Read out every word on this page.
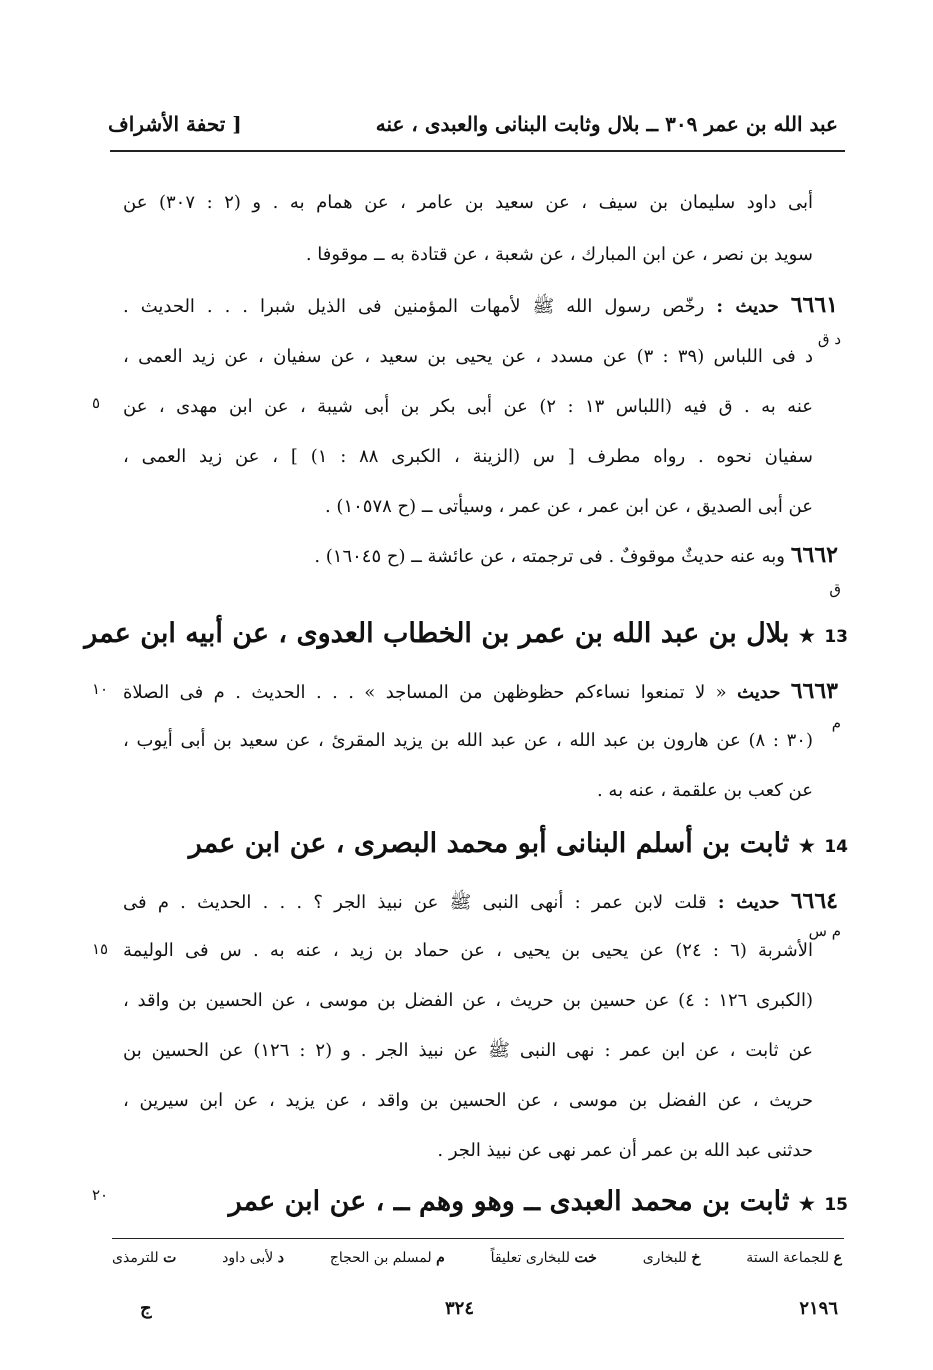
عبد الله بن عمر ٣٠٩ ــ بلال وثابت البنانى والعبدى ، عنه
[ تحفة الأشراف
أبى داود سليمان بن سيف ، عن سعيد بن عامر ، عن همام به . و (٢ : ٣٠٧) عن
سويد بن نصر ، عن ابن المبارك ، عن شعبة ، عن قتادة به ــ موقوفا .
٦٦٦١ حديث : رخّص رسول الله ﷺ لأمهات المؤمنين فى الذيل شبرا . . . الحديث .
د ق
د فى اللباس (٣٩ : ٣) عن مسدد ، عن يحيى بن سعيد ، عن سفيان ، عن زيد العمى ،
عنه به . ق فيه (اللباس ١٣ : ٢) عن أبى بكر بن أبى شيبة ، عن ابن مهدى ، عن
٥
سفيان نحوه . رواه مطرف [ س (الزينة ، الكبرى ٨٨ : ١) ] ، عن زيد العمى ،
عن أبى الصديق ، عن ابن عمر ، عن عمر ، وسيأتى ــ (ح ١٠٥٧٨) .
٦٦٦٢ وبه عنه حديثٌ موقوفٌ . فى ترجمته ، عن عائشة ــ (ح ١٦٠٤٥) .
ق
13 ★ بلال بن عبد الله بن عمر بن الخطاب العدوى ، عن أبيه ابن عمر
٦٦٦٣ حديث « لا تمنعوا نساءكم حظوظهن من المساجد » . . . الحديث . م فى الصلاة
١٠
م
(٣٠ : ٨) عن هارون بن عبد الله ، عن عبد الله بن يزيد المقرئ ، عن سعيد بن أبى أيوب ،
عن كعب بن علقمة ، عنه به .
14 ★ ثابت بن أسلم البنانى أبو محمد البصرى ، عن ابن عمر
٦٦٦٤ حديث : قلت لابن عمر : أنهى النبى ﷺ عن نبيذ الجر ؟ . . . الحديث . م فى
م س
الأشربة (٦ : ٢٤) عن يحيى بن يحيى ، عن حماد بن زيد ، عنه به . س فى الوليمة
١٥
(الكبرى ١٢٦ : ٤) عن حسين بن حريث ، عن الفضل بن موسى ، عن الحسين بن واقد ،
عن ثابت ، عن ابن عمر : نهى النبى ﷺ عن نبيذ الجر . و (٢ : ١٢٦) عن الحسين بن
حريث ، عن الفضل بن موسى ، عن الحسين بن واقد ، عن يزيد ، عن ابن سيرين ،
حدثنى عبد الله بن عمر أن عمر نهى عن نبيذ الجر .
15 ★ ثابت بن محمد العبدى ــ وهو وهم ــ ، عن ابن عمر
٢٠
ع للجماعة الستة
خ للبخارى
خت للبخارى تعليقاً
م لمسلم بن الحجاج
د لأبى داود
ت للترمذى
ج	٣٢٤	٢١٩٦
